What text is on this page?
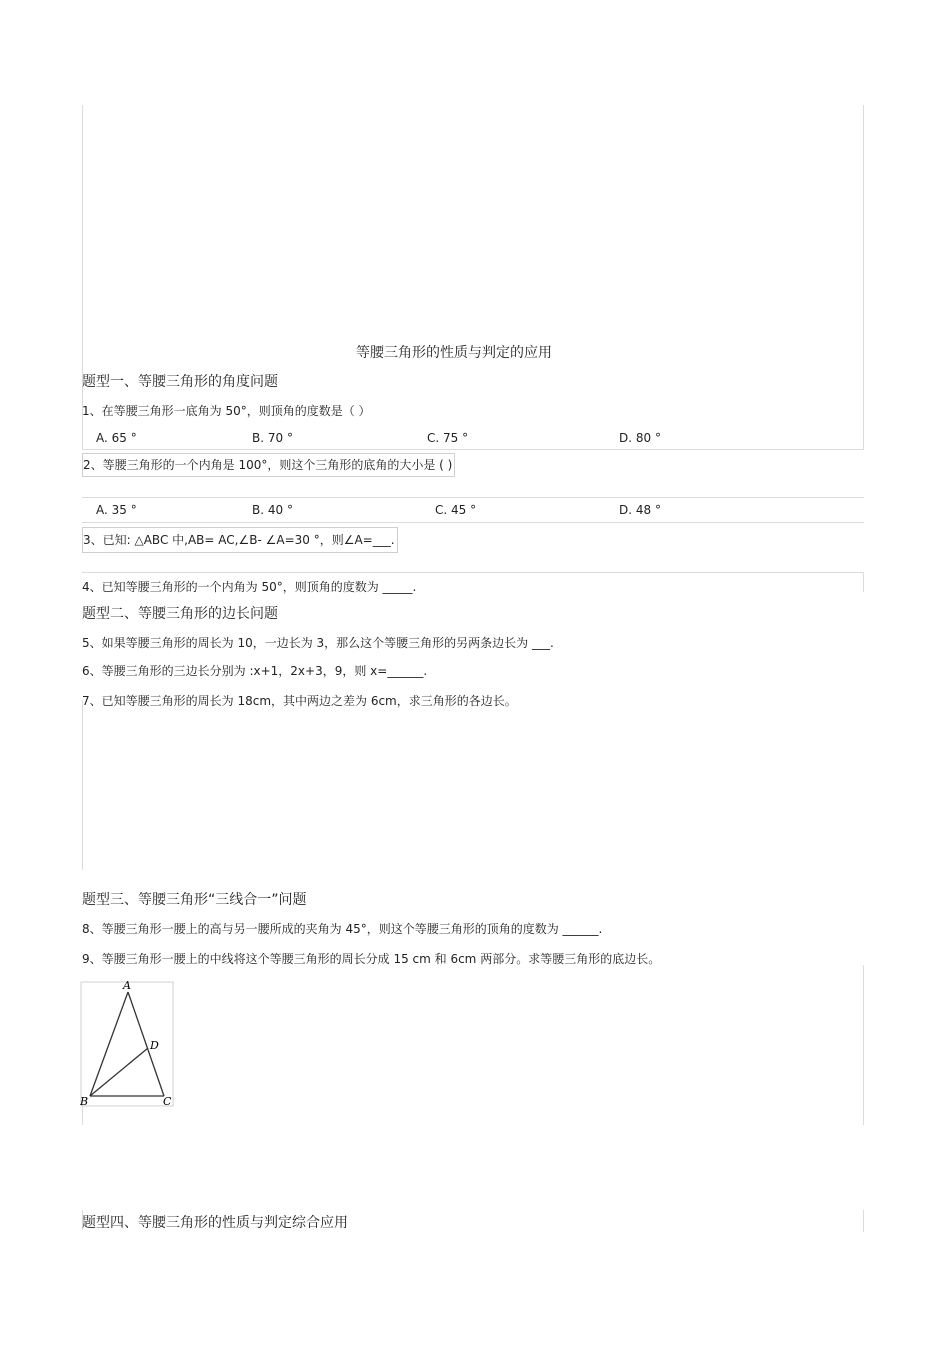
等腰三角形的性质与判定的应用
题型一、等腰三角形的角度问题
1、在等腰三角形一底角为 50°，则顶角的度数是（ ）
A. 65 °	B. 70 °	C. 75 °	D. 80 °
2、等腰三角形的一个内角是 100°，则这个三角形的底角的大小是 ( )
A. 35 °	B. 40 °	C. 45 °	D. 48 °
3、已知: △ABC 中,AB= AC,∠B- ∠A=30 °，则∠A=___.
4、已知等腰三角形的一个内角为 50°，则顶角的度数为 _____.
题型二、等腰三角形的边长问题
5、如果等腰三角形的周长为 10，一边长为 3，那么这个等腰三角形的另两条边长为 ___.
6、等腰三角形的三边长分别为 :x+1，2x+3，9，则 x=______.
7、已知等腰三角形的周长为 18cm，其中两边之差为 6cm，求三角形的各边长。
题型三、等腰三角形“三线合一”问题
8、等腰三角形一腰上的高与另一腰所成的夹角为 45°，则这个等腰三角形的顶角的度数为 ______.
9、等腰三角形一腰上的中线将这个等腰三角形的周长分成 15 cm 和 6cm 两部分。求等腰三角形的底边长。
A
D
B	C
题型四、等腰三角形的性质与判定综合应用
